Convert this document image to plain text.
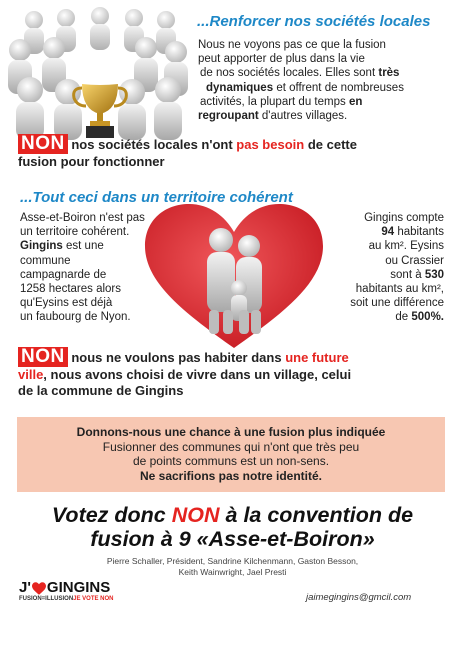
...Renforcer nos sociétés locales
Nous ne voyons pas ce que la fusion
peut apporter de plus dans la vie
de nos sociétés locales. Elles sont très
dynamiques et offrent de nombreuses
activités, la plupart du temps en
regroupant d'autres villages.
NON nos sociétés locales n'ont pas besoin de cette
fusion pour fonctionner
...Tout ceci dans un territoire cohérent
Asse-et-Boiron n'est pas
un territoire cohérent.
Gingins est une
commune
campagnarde de
1258 hectares alors
qu'Eysins est déjà
un faubourg de Nyon.
Gingins compte
94 habitants
au km². Eysins
ou Crassier
sont à 530
habitants au km²,
soit une différence
de 500%.
NON nous ne voulons pas habiter dans une future
ville, nous avons choisi de vivre dans un village, celui
de la commune de Gingins
Donnons-nous une chance à une fusion plus indiquée
Fusionner des communes qui n'ont que très peu
de points communs est un non-sens.
Ne sacrifions pas notre identité.
Votez donc NON à la convention de
fusion à 9 «Asse-et-Boiron»
Pierre Schaller, Président, Sandrine Kilchenmann, Gaston Besson,
Keith Wainwright, Jael Presti
J' GINGINS
FUSION=ILLUSIONJE VOTE NON	jaimegingins@gmcil.com
